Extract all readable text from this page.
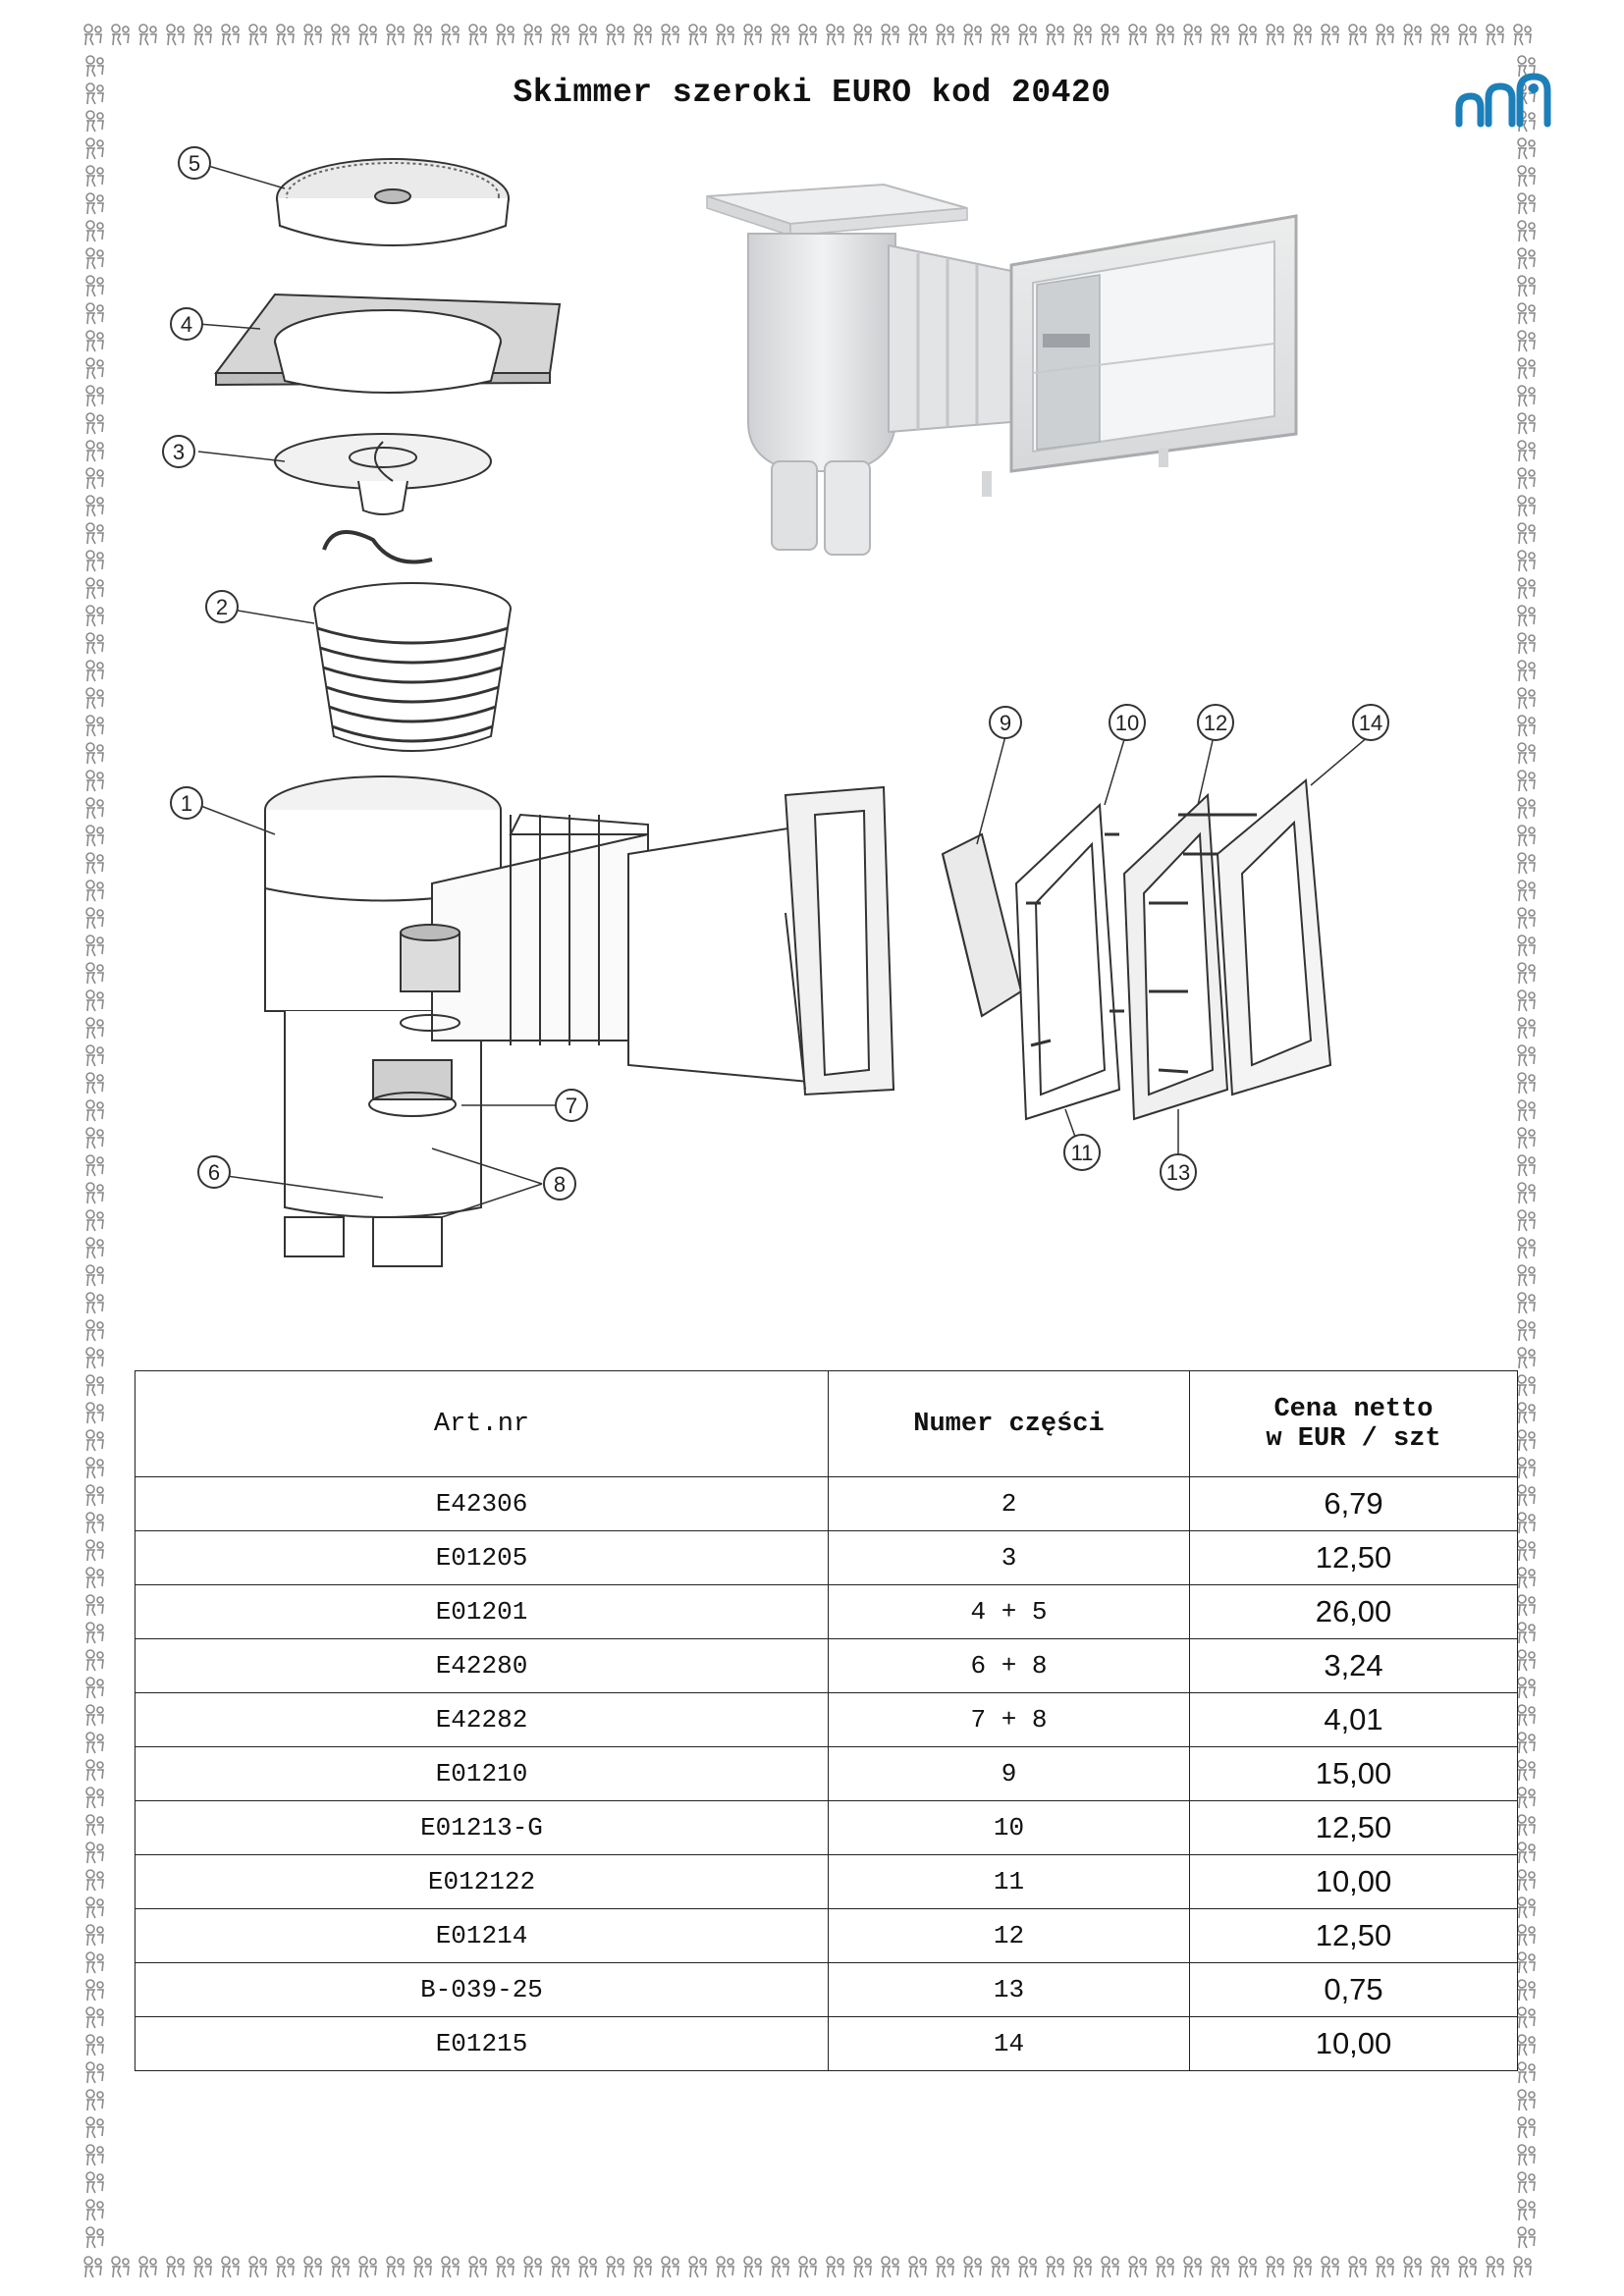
Skimmer szeroki EURO kod 20420
5
4
3
2
1
6
7
8
9	10	12	14
11
13
Art.nr	Numer części	Cena netto
w EUR / szt

E42306	2	6,79
E01205	3	12,50
E01201	4 + 5	26,00
E42280	6 + 8	3,24
E42282	7 + 8	4,01
E01210	9	15,00
E01213-G	10	12,50
E012122	11	10,00
E01214	12	12,50
B-039-25	13	0,75
E01215	14	10,00
